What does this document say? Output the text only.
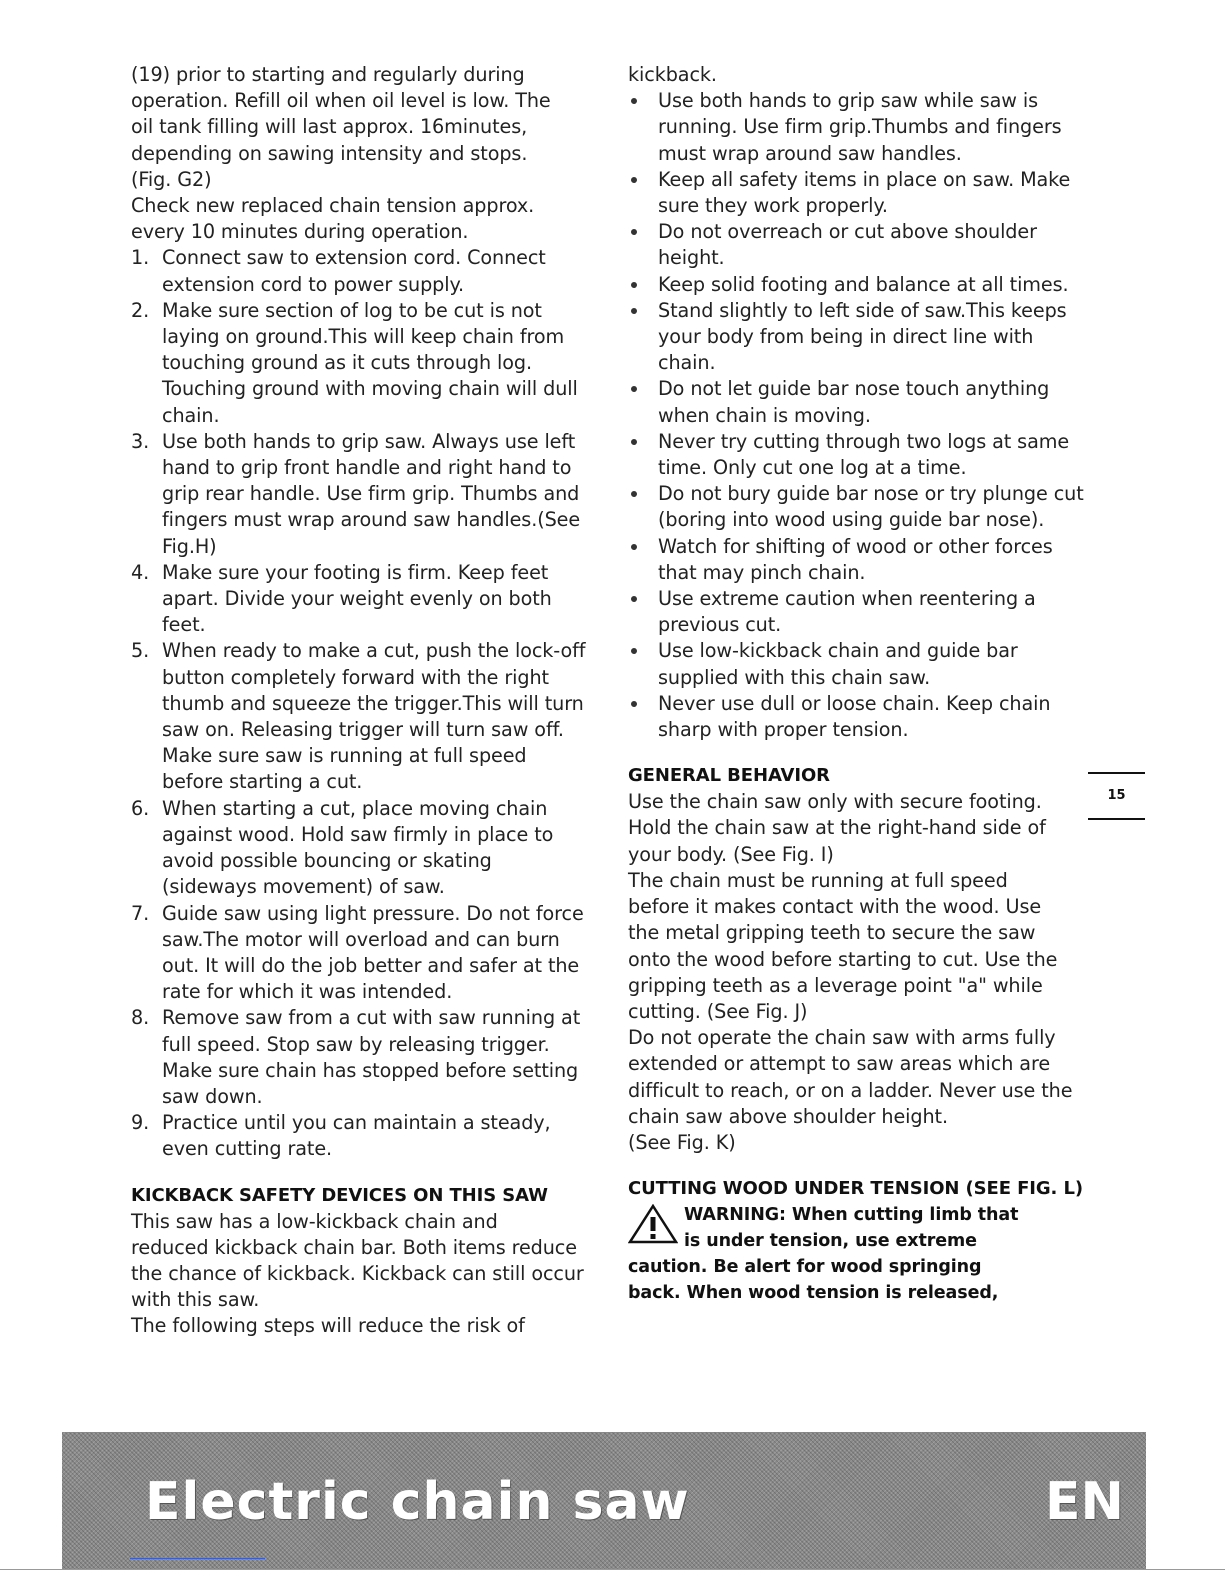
(19) prior to starting and regularly during

operation. Refill oil when oil level is low. The

oil tank filling will last approx. 16minutes,

depending on sawing intensity and stops.

(Fig. G2)

Check new replaced chain tension approx.

every 10 minutes during operation.

1. Connect saw to extension cord. Connect extension cord to power supply.
2. Make sure section of log to be cut is not laying on ground.This will keep chain from touching ground as it cuts through log. Touching ground with moving chain will dull chain.
3. Use both hands to grip saw. Always use left hand to grip front handle and right hand to grip rear handle. Use firm grip. Thumbs and fingers must wrap around saw handles.(See Fig.H)
4. Make sure your footing is firm. Keep feet apart. Divide your weight evenly on both feet.
5. When ready to make a cut, push the lock-off button completely forward with the right thumb and squeeze the trigger.This will turn saw on. Releasing trigger will turn saw off. Make sure saw is running at full speed before starting a cut.
6. When starting a cut, place moving chain against wood. Hold saw firmly in place to avoid possible bouncing or skating (sideways movement) of saw.
7. Guide saw using light pressure. Do not force saw.The motor will overload and can burn out. It will do the job better and safer at the rate for which it was intended.
8. Remove saw from a cut with saw running at full speed. Stop saw by releasing trigger. Make sure chain has stopped before setting saw down.
9. Practice until you can maintain a steady, even cutting rate.
KICKBACK SAFETY DEVICES ON THIS SAW

This saw has a low-kickback chain and

reduced kickback chain bar. Both items reduce

the chance of kickback. Kickback can still occur

with this saw.

The following steps will reduce the risk of

kickback.

Use both hands to grip saw while saw is running. Use firm grip.Thumbs and fingers must wrap around saw handles.
Keep all safety items in place on saw. Make sure they work properly.
Do not overreach or cut above shoulder height.
Keep solid footing and balance at all times.
Stand slightly to left side of saw.This keeps your body from being in direct line with chain.
Do not let guide bar nose touch anything when chain is moving.
Never try cutting through two logs at same time. Only cut one log at a time.
Do not bury guide bar nose or try plunge cut (boring into wood using guide bar nose).
Watch for shifting of wood or other forces that may pinch chain.
Use extreme caution when reentering a previous cut.
Use low-kickback chain and guide bar supplied with this chain saw.
Never use dull or loose chain. Keep chain sharp with proper tension.
GENERAL BEHAVIOR

Use the chain saw only with secure footing.

Hold the chain saw at the right-hand side of

your body. (See Fig. I)

The chain must be running at full speed

before it makes contact with the wood. Use

the metal gripping teeth to secure the saw

onto the wood before starting to cut. Use the

gripping teeth as a leverage point "a" while

cutting. (See Fig. J)

Do not operate the chain saw with arms fully

extended or attempt to saw areas which are

difficult to reach, or on a ladder. Never use the

chain saw above shoulder height.

(See Fig. K)

CUTTING WOOD UNDER TENSION (SEE FIG. L)

WARNING: When cutting limb that

is under tension, use extreme

caution. Be alert for wood springing

back. When wood tension is released,

15
Electric chain saw	EN
